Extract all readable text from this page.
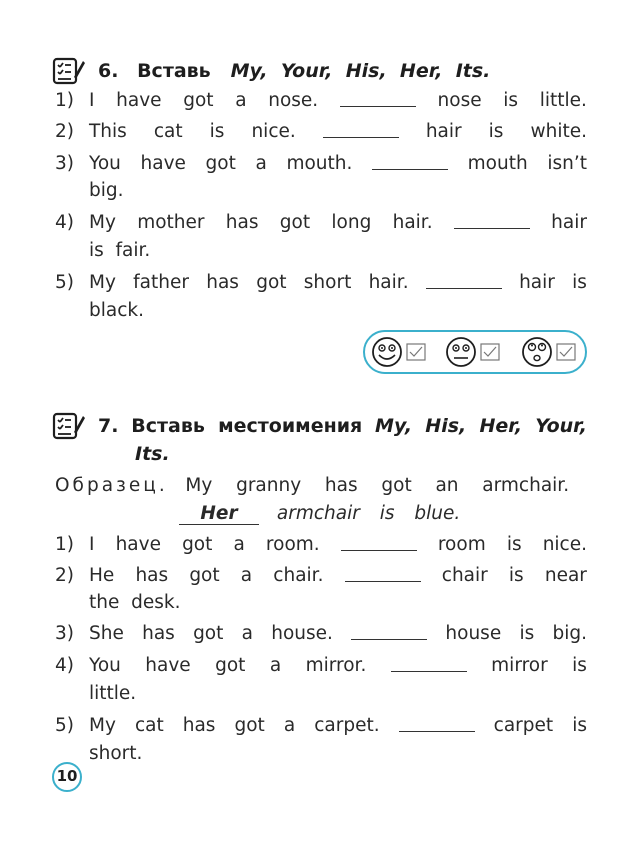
6. Вставь My,  Your,  His,  Her,  Its.
1) I have got a nose.	nose is little.
2) This cat is nice.	hair is white.
3) You have got a mouth.	mouth isn’t
big.
4) My mother has got long hair.	hair
is  fair.
5) My father has got short hair.	hair is
black.
7. Вставь  местоимения My,  His,  Her,  Your,
Its.
Образец. My  granny  has  got  an  armchair.
Her armchair is blue.
1) I have got a room.	room is nice.
2) He has got a chair.	chair is near
the  desk.
3) She has got a house.	house is big.
4) You have got a mirror.	mirror is
little.
5) My cat has got a carpet.	carpet is
short.
10
